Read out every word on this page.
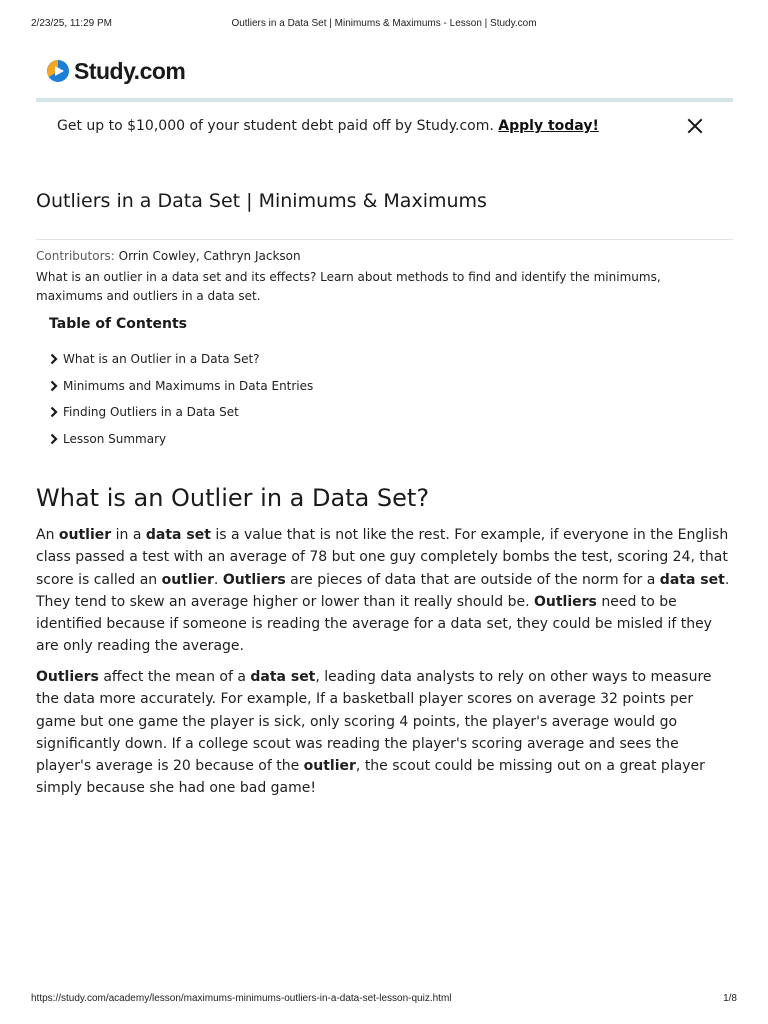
2/23/25, 11:29 PM	Outliers in a Data Set | Minimums & Maximums - Lesson | Study.com
Study.com
Get up to $10,000 of your student debt paid off by Study.com. Apply today!
Outliers in a Data Set | Minimums & Maximums
Contributors: Orrin Cowley, Cathryn Jackson
What is an outlier in a data set and its effects? Learn about methods to find and identify the minimums, maximums and outliers in a data set.
Table of Contents
What is an Outlier in a Data Set?
Minimums and Maximums in Data Entries
Finding Outliers in a Data Set
Lesson Summary
What is an Outlier in a Data Set?

An outlier in a data set is a value that is not like the rest. For example, if everyone in the English class passed a test with an average of 78 but one guy completely bombs the test, scoring 24, that score is called an outlier. Outliers are pieces of data that are outside of the norm for a data set. They tend to skew an average higher or lower than it really should be. Outliers need to be identified because if someone is reading the average for a data set, they could be misled if they are only reading the average.

Outliers affect the mean of a data set, leading data analysts to rely on other ways to measure the data more accurately. For example, If a basketball player scores on average 32 points per game but one game the player is sick, only scoring 4 points, the player's average would go significantly down. If a college scout was reading the player's scoring average and sees the player's average is 20 because of the outlier, the scout could be missing out on a great player simply because she had one bad game!

https://study.com/academy/lesson/maximums-minimums-outliers-in-a-data-set-lesson-quiz.html	1/8
